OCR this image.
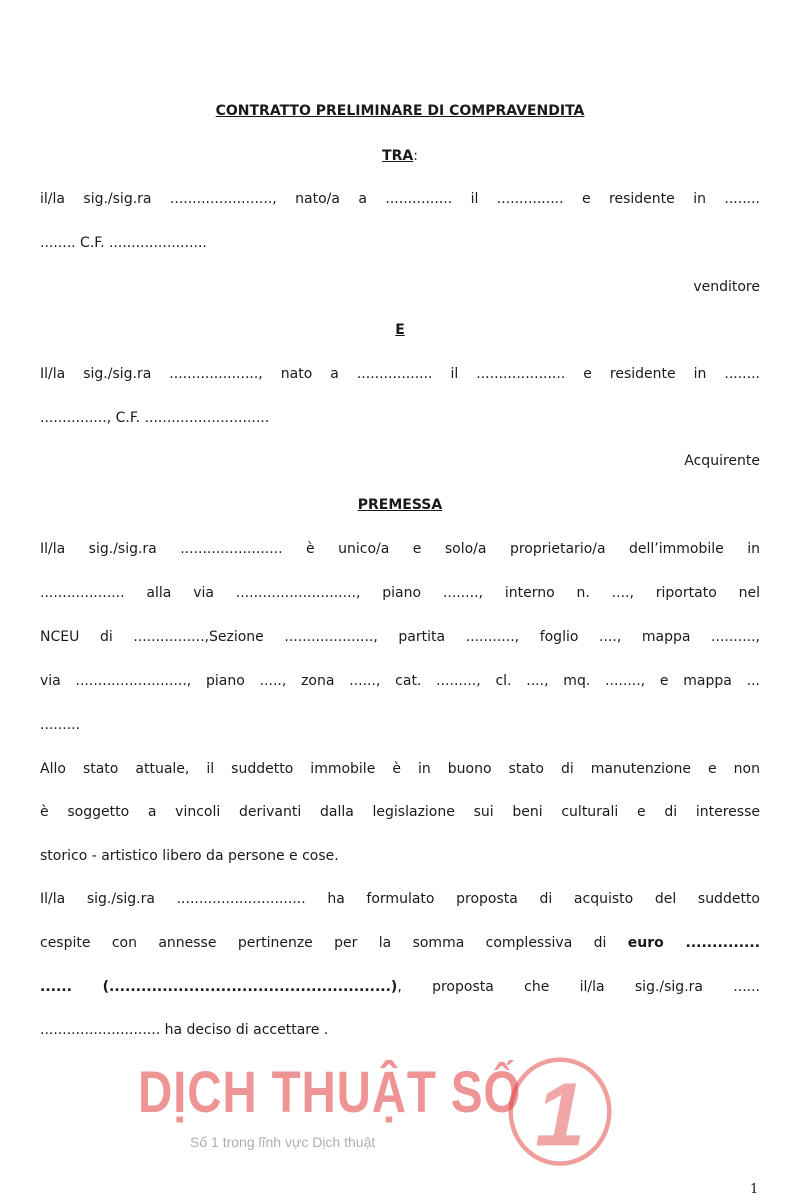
CONTRATTO PRELIMINARE DI COMPRAVENDITA
TRA:
il/la sig./sig.ra ......................., nato/a a ............... il ............... e residente in ........
........ C.F. ......................
venditore
E
Il/la sig./sig.ra ...................., nato a ................. il .................... e residente in ........
..............., C.F. ............................
Acquirente
PREMESSA
Il/la sig./sig.ra ....................... è unico/a e solo/a proprietario/a dell’immobile in
................... alla via ..........................., piano ........, interno n. ...., riportato nel
NCEU di ................,Sezione ...................., partita ..........., foglio ...., mappa ..........,
via ........................., piano ....., zona ......, cat. ........., cl. ...., mq. ........, e mappa ...
.........
Allo stato attuale, il suddetto immobile è in buono stato di manutenzione e non
è soggetto a vincoli derivanti dalla legislazione sui beni culturali e di interesse
storico - artistico libero da persone e cose.
Il/la sig./sig.ra ............................. ha formulato proposta di acquisto del suddetto
cespite con annesse pertinenze per la somma complessiva di euro ..............
...... (.....................................................), proposta che il/la sig./sig.ra ......
........................... ha deciso di accettare .
DỊCH THUẬT SỐ
Số 1 trong lĩnh vực Dịch thuật 1
1
